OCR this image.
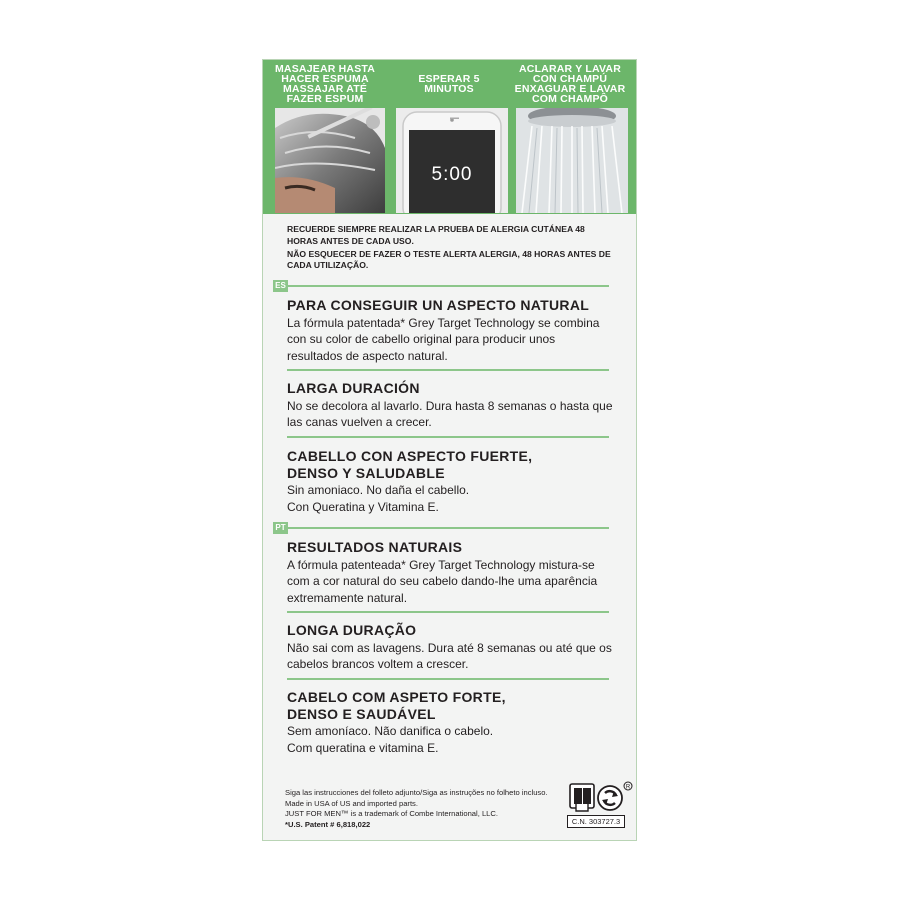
MASAJEAR HASTA HACER ESPUMA MASSAJAR ATÉ FAZER ESPUM
ESPERAR 5 MINUTOS
5:00
ACLARAR Y LAVAR CON CHAMPÚ ENXAGUAR E LAVAR COM CHAMPÔ

RECUERDE SIEMPRE REALIZAR LA PRUEBA DE ALERGIA CUTÁNEA 48 HORAS ANTES DE CADA USO.

NÃO ESQUECER DE FAZER O TESTE ALERTA ALERGIA, 48 HORAS ANTES DE CADA UTILIZAÇÃO.

ES
PARA CONSEGUIR UN ASPECTO NATURAL

La fórmula patentada* Grey Target Technology se combina con su color de cabello original para producir unos resultados de aspecto natural.

LARGA DURACIÓN

No se decolora al lavarlo. Dura hasta 8 semanas o hasta que las canas vuelven a crecer.

CABELLO CON ASPECTO FUERTE, DENSO Y SALUDABLE

Sin amoniaco. No daña el cabello. Con Queratina y Vitamina E.

PT
RESULTADOS NATURAIS

A fórmula patenteada* Grey Target Technology mistura-se com a cor natural do seu cabelo dando-lhe uma aparência extremamente natural.

LONGA DURAÇÃO

Não sai com as lavagens. Dura até 8 semanas ou até que os cabelos brancos voltem a crescer.

CABELO COM ASPETO FORTE, DENSO E SAUDÁVEL

Sem amoníaco. Não danifica o cabelo. Com queratina e vitamina E.

Siga las instrucciones del folleto adjunto/Siga as instruções no folheto incluso.

Made in USA of US and imported parts.

JUST FOR MEN™ is a trademark of Combe International, LLC.

*U.S. Patent # 6,818,022

R
C.N. 303727.3
